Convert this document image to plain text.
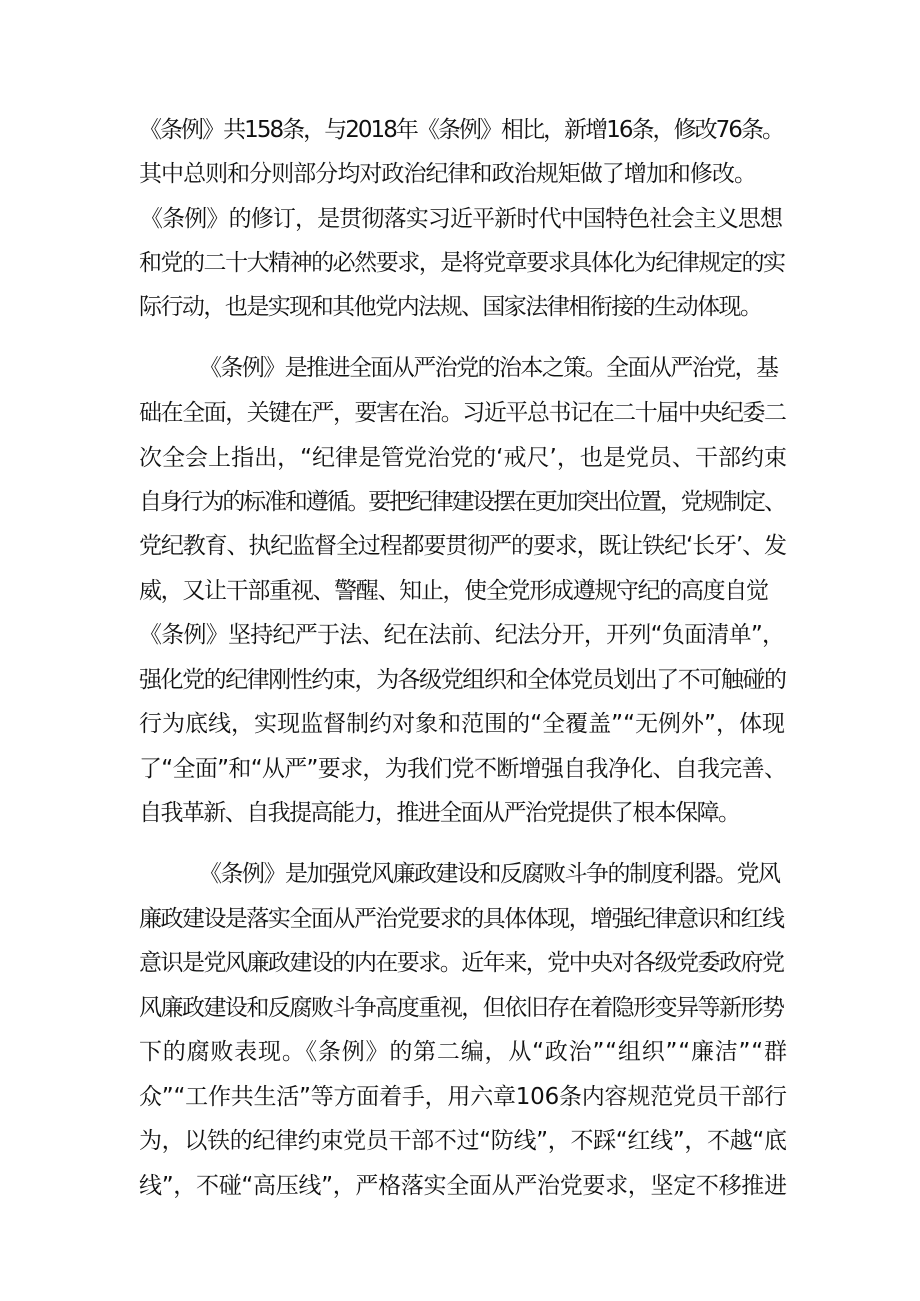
《条例》共158条，与2018年《条例》相比，新增16条，修改76条。
其中总则和分则部分均对政治纪律和政治规矩做了增加和修改。
《条例》的修订，是贯彻落实习近平新时代中国特色社会主义思想
和党的二十大精神的必然要求，是将党章要求具体化为纪律规定的实
际行动，也是实现和其他党内法规、国家法律相衔接的生动体现。
《条例》是推进全面从严治党的治本之策。全面从严治党，基
础在全面，关键在严，要害在治。习近平总书记在二十届中央纪委二
次全会上指出，“纪律是管党治党的‘戒尺’，也是党员、干部约束
自身行为的标准和遵循。要把纪律建设摆在更加突出位置，党规制定、
党纪教育、执纪监督全过程都要贯彻严的要求，既让铁纪‘长牙’、发
威，又让干部重视、警醒、知止，使全党形成遵规守纪的高度自觉
《条例》坚持纪严于法、纪在法前、纪法分开，开列“负面清单”，
强化党的纪律刚性约束，为各级党组织和全体党员划出了不可触碰的
行为底线，实现监督制约对象和范围的“全覆盖”“无例外”，体现
了“全面”和“从严”要求，为我们党不断增强自我净化、自我完善、
自我革新、自我提高能力，推进全面从严治党提供了根本保障。
《条例》是加强党风廉政建设和反腐败斗争的制度利器。党风
廉政建设是落实全面从严治党要求的具体体现，增强纪律意识和红线
意识是党风廉政建设的内在要求。近年来，党中央对各级党委政府党
风廉政建设和反腐败斗争高度重视，但依旧存在着隐形变异等新形势
下的腐败表现。《条例》的第二编，从“政治”“组织”“廉洁”“群
众”“工作共生活”等方面着手，用六章106条内容规范党员干部行
为，以铁的纪律约束党员干部不过“防线”，不踩“红线”，不越“底
线”，不碰“高压线”，严格落实全面从严治党要求，坚定不移推进
